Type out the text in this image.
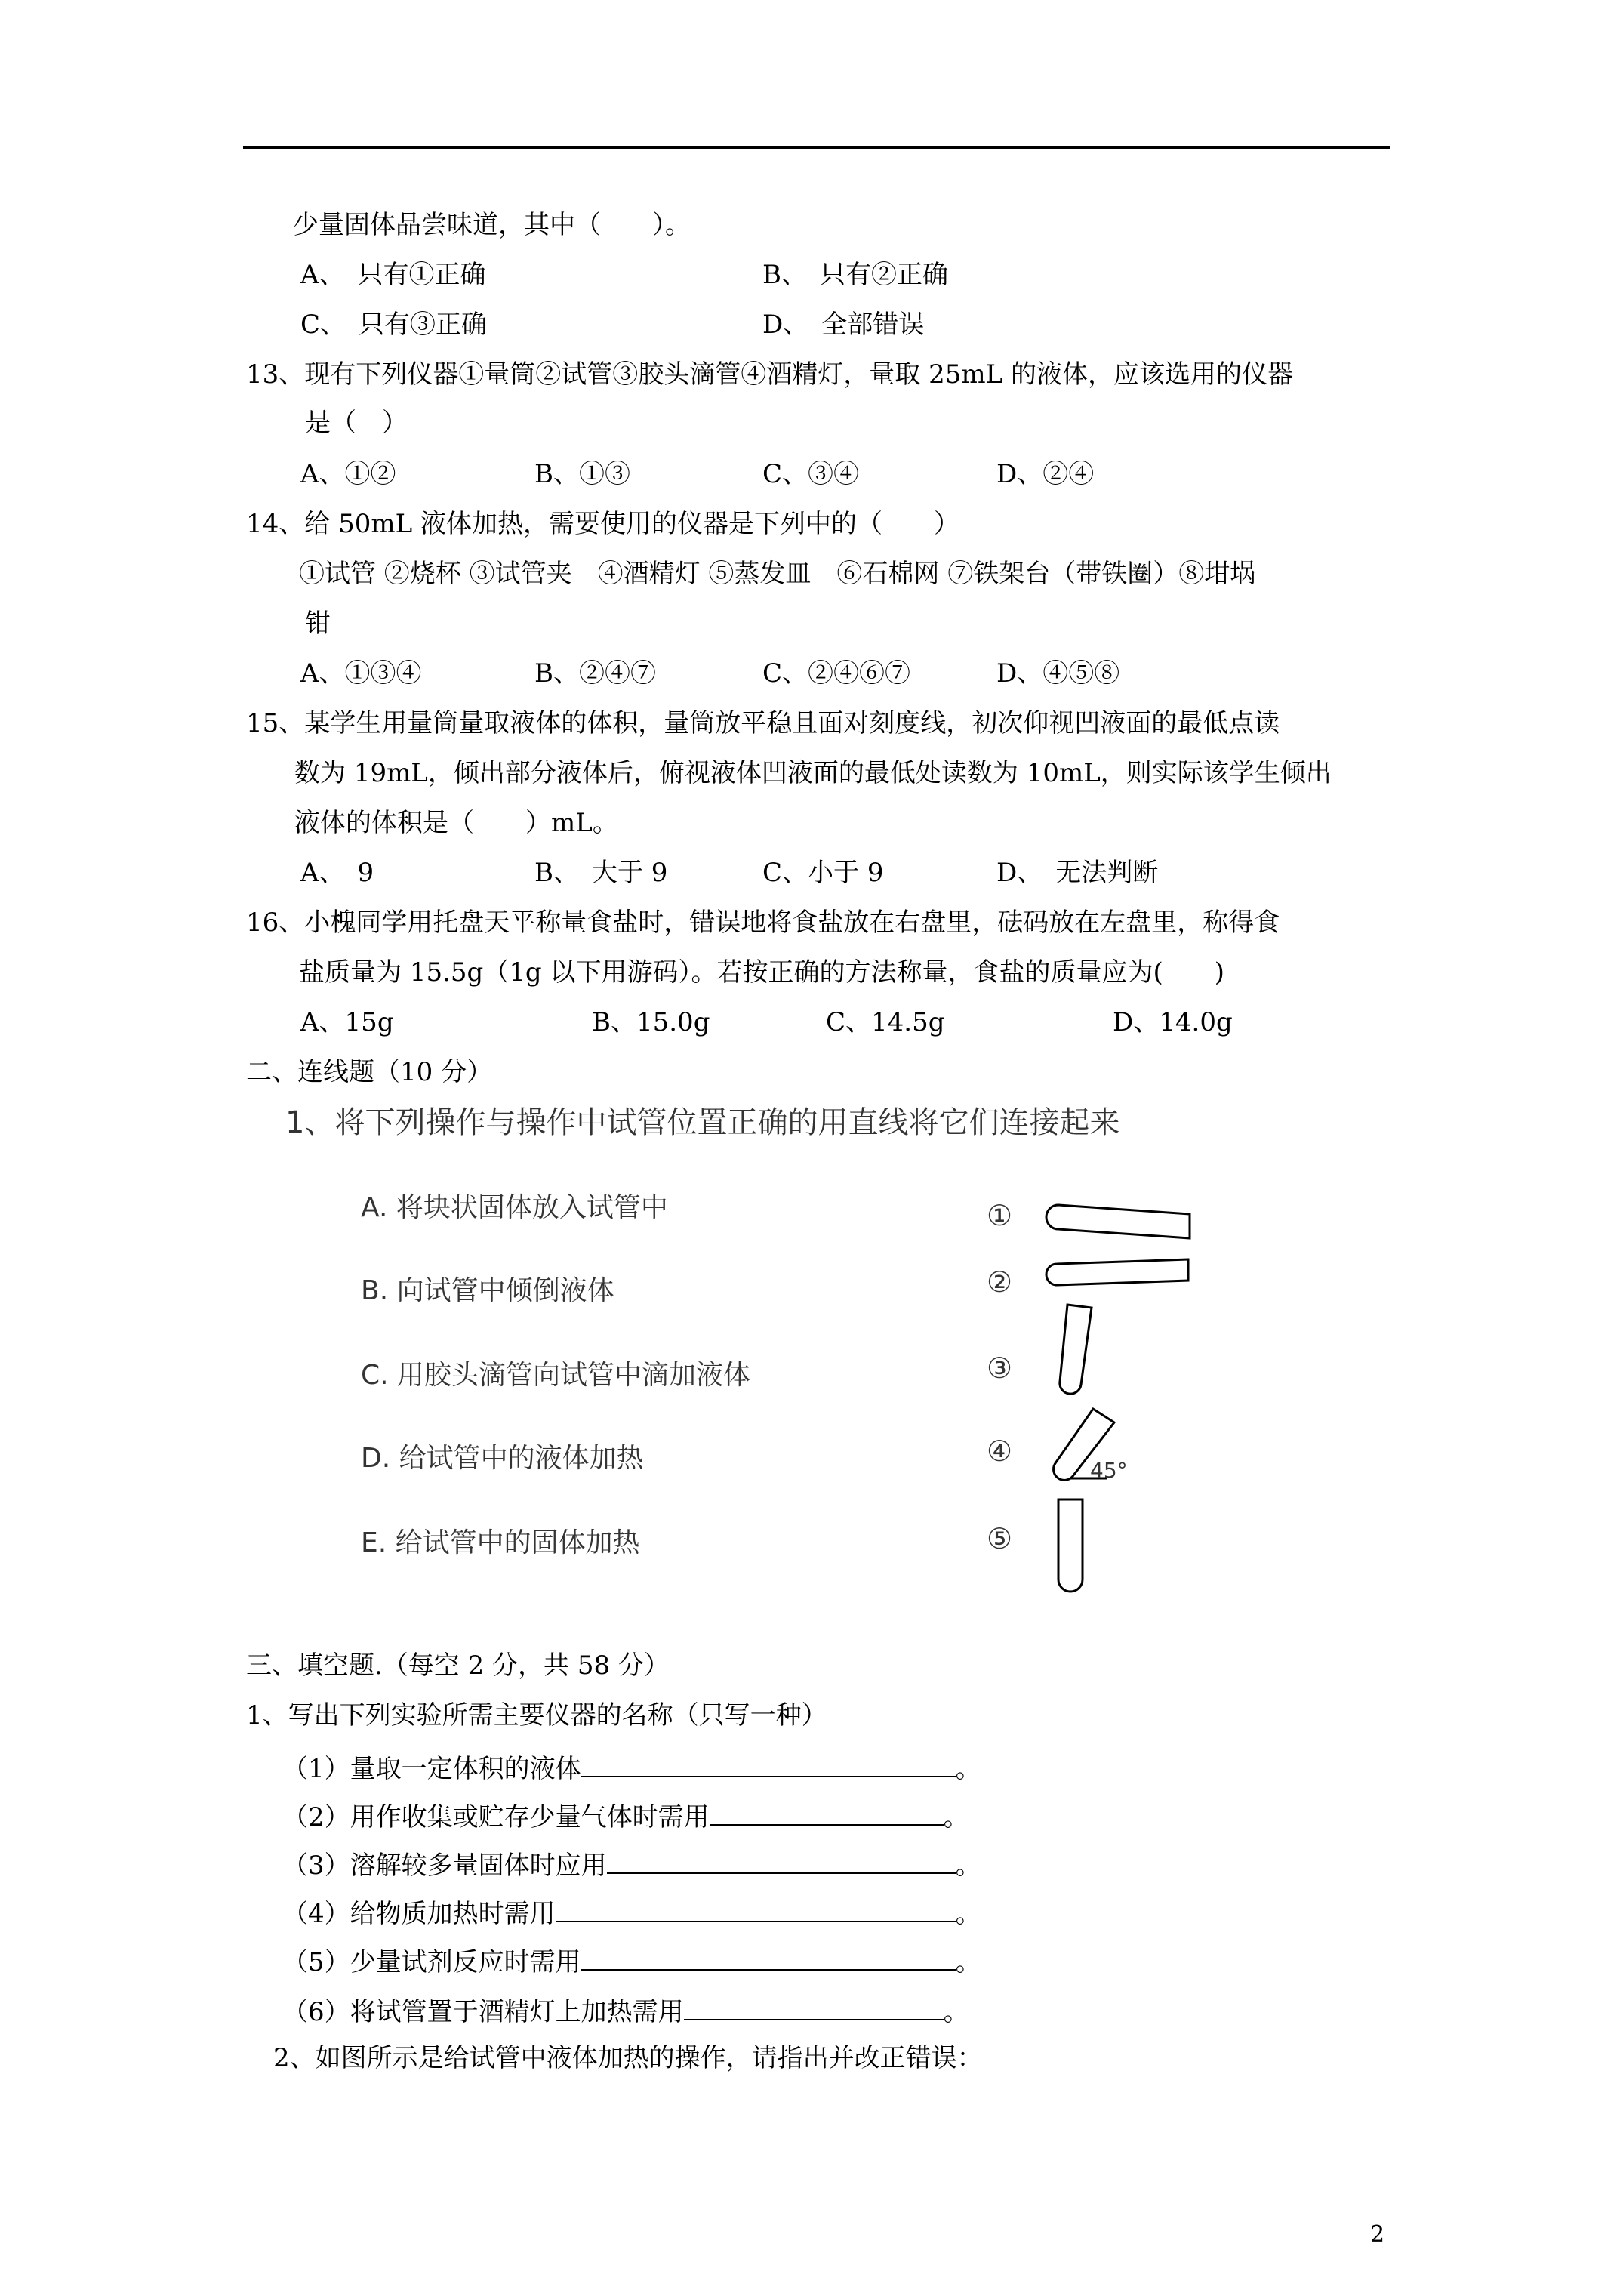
少量固体品尝味道，其中（　　）。
A、　只有①正确	B、　只有②正确
C、　只有③正确	D、　全部错误
13、现有下列仪器①量筒②试管③胶头滴管④酒精灯，量取 25mL 的液体，应该选用的仪器
是（　）
A、①②	B、①③	C、③④	D、②④
14、给 50mL 液体加热，需要使用的仪器是下列中的（　　）
①试管 ②烧杯 ③试管夹　④酒精灯 ⑤蒸发皿　⑥石棉网 ⑦铁架台（带铁圈）⑧坩埚
钳
A、①③④	B、②④⑦	C、②④⑥⑦	D、④⑤⑧
15、某学生用量筒量取液体的体积，量筒放平稳且面对刻度线，初次仰视凹液面的最低点读
数为 19mL，倾出部分液体后，俯视液体凹液面的最低处读数为 10mL，则实际该学生倾出
液体的体积是（　　）mL。
A、　9	B、　大于 9	C、小于 9	D、　无法判断
16、小槐同学用托盘天平称量食盐时，错误地将食盐放在右盘里，砝码放在左盘里，称得食
盐质量为 15.5g（1g 以下用游码）。若按正确的方法称量，食盐的质量应为(　　)
A、15g	B、15.0g	C、14.5g	D、14.0g
二、连线题（10 分）
1、将下列操作与操作中试管位置正确的用直线将它们连接起来
A. 将块状固体放入试管中
B. 向试管中倾倒液体
C. 用胶头滴管向试管中滴加液体
D. 给试管中的液体加热
E. 给试管中的固体加热
①
②
③
④
⑤
45°
三、填空题.（每空 2 分，共 58 分）
1、写出下列实验所需主要仪器的名称（只写一种）
（1）量取一定体积的液体	。
（2）用作收集或贮存少量气体时需用	。
（3）溶解较多量固体时应用	。
（4）给物质加热时需用	。
（5）少量试剂反应时需用	。
（6）将试管置于酒精灯上加热需用	。
2、如图所示是给试管中液体加热的操作，请指出并改正错误：
2
